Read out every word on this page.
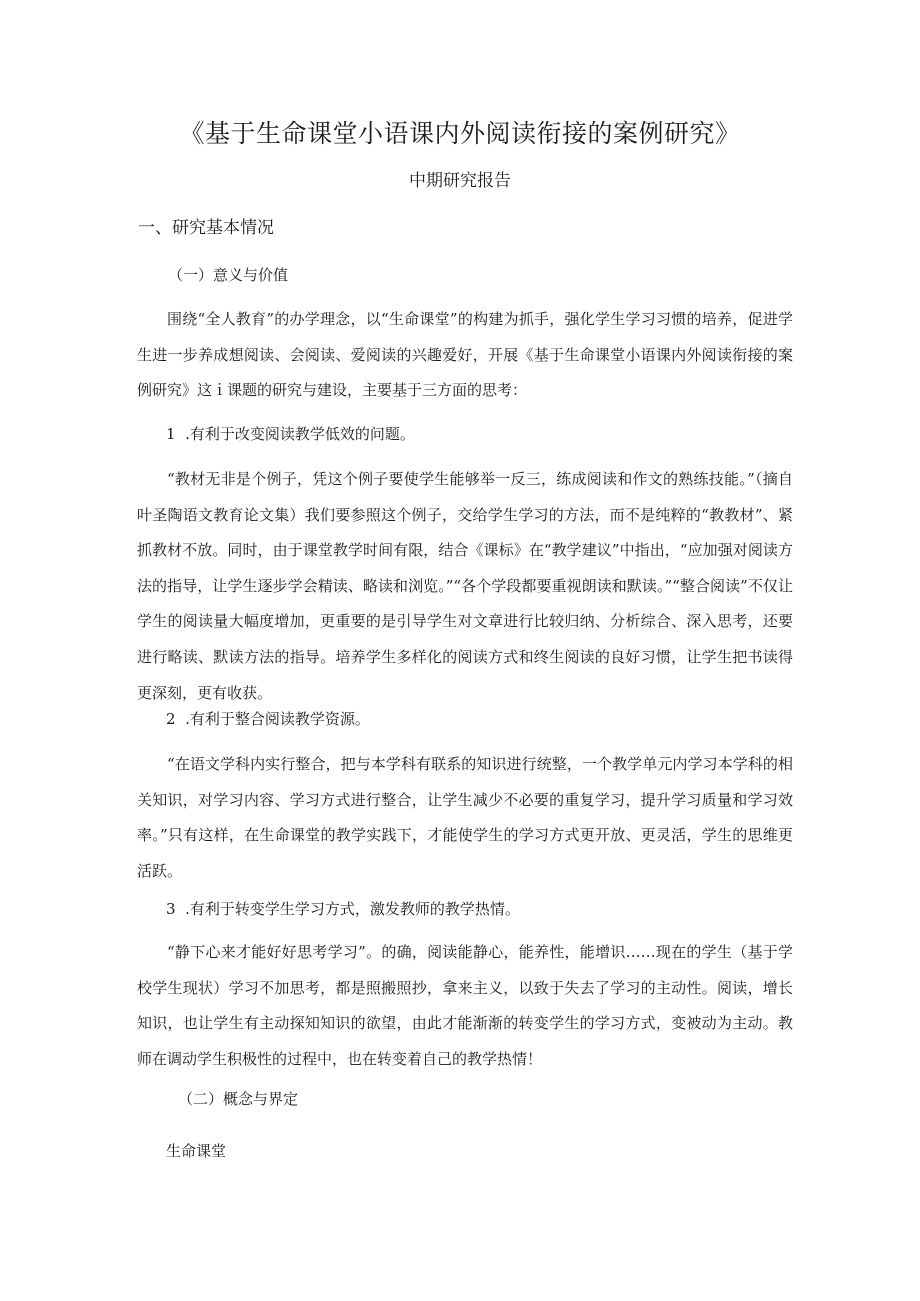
《基于生命课堂小语课内外阅读衔接的案例研究》
中期研究报告
一、研究基本情况
（一）意义与价值
围绕“全人教育”的办学理念，以“生命课堂”的构建为抓手，强化学生学习习惯的培养，促进学生进一步养成想阅读、会阅读、爱阅读的兴趣爱好，开展《基于生命课堂小语课内外阅读衔接的案例研究》这ｉ课题的研究与建设，主要基于三方面的思考：
1  .有利于改变阅读教学低效的问题。
“教材无非是个例子，凭这个例子要使学生能够举一反三，练成阅读和作文的熟练技能。”（摘自叶圣陶语文教育论文集）我们要参照这个例子，交给学生学习的方法，而不是纯粹的“教教材”、紧抓教材不放。同时，由于课堂教学时间有限，结合《课标》在“教学建议”中指出，“应加强对阅读方法的指导，让学生逐步学会精读、略读和浏览。”“各个学段都要重视朗读和默读。”“整合阅读”不仅让学生的阅读量大幅度增加，更重要的是引导学生对文章进行比较归纳、分析综合、深入思考，还要进行略读、默读方法的指导。培养学生多样化的阅读方式和终生阅读的良好习惯，让学生把书读得更深刻，更有收获。
2  .有利于整合阅读教学资源。
“在语文学科内实行整合，把与本学科有联系的知识进行统整，一个教学单元内学习本学科的相关知识，对学习内容、学习方式进行整合，让学生减少不必要的重复学习，提升学习质量和学习效率。”只有这样，在生命课堂的教学实践下，才能使学生的学习方式更开放、更灵活，学生的思维更活跃。
3  .有利于转变学生学习方式，激发教师的教学热情。
“静下心来才能好好思考学习”。的确，阅读能静心，能养性，能增识……现在的学生（基于学校学生现状）学习不加思考，都是照搬照抄，拿来主义，以致于失去了学习的主动性。阅读，增长知识，也让学生有主动探知知识的欲望，由此才能渐渐的转变学生的学习方式，变被动为主动。教师在调动学生积极性的过程中，也在转变着自己的教学热情！
（二）概念与界定
生命课堂
